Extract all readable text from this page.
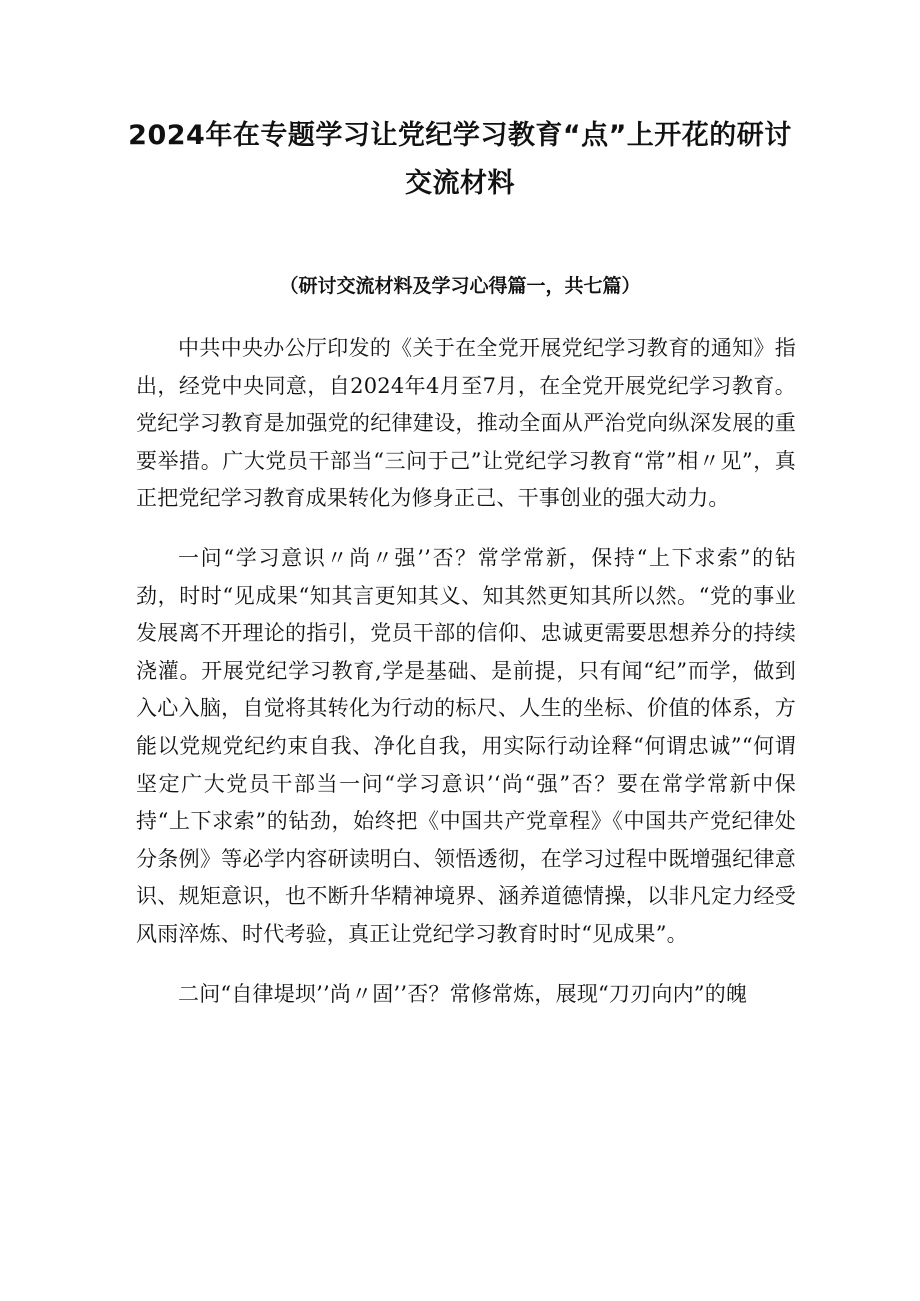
2024年在专题学习让党纪学习教育“点”上开花的研讨交流材料
（研讨交流材料及学习心得篇一，共七篇）

中共中央办公厅印发的《关于在全党开展党纪学习教育的通知》指出，经党中央同意，自2024年4月至7月，在全党开展党纪学习教育。党纪学习教育是加强党的纪律建设，推动全面从严治党向纵深发展的重要举措。广大党员干部当“三问于己”让党纪学习教育“常”相〃见”，真正把党纪学习教育成果转化为修身正己、干事创业的强大动力。

一问“学习意识〃尚〃强’’否？常学常新，保持“上下求索”的钻劲，时时“见成果“知其言更知其义、知其然更知其所以然。“党的事业发展离不开理论的指引，党员干部的信仰、忠诚更需要思想养分的持续浇灌。开展党纪学习教育,学是基础、是前提，只有闻“纪”而学，做到入心入脑，自觉将其转化为行动的标尺、人生的坐标、价值的体系，方能以党规党纪约束自我、净化自我，用实际行动诠释“何谓忠诚”“何谓坚定广大党员干部当一问“学习意识’‘尚“强”否？要在常学常新中保持“上下求索”的钻劲，始终把《中国共产党章程》《中国共产党纪律处分条例》等必学内容研读明白、领悟透彻，在学习过程中既增强纪律意识、规矩意识，也不断升华精神境界、涵养道德情操，以非凡定力经受风雨淬炼、时代考验，真正让党纪学习教育时时“见成果”。

二问“自律堤坝’’尚〃固’’否？常修常炼，展现“刀刃向内”的魄
